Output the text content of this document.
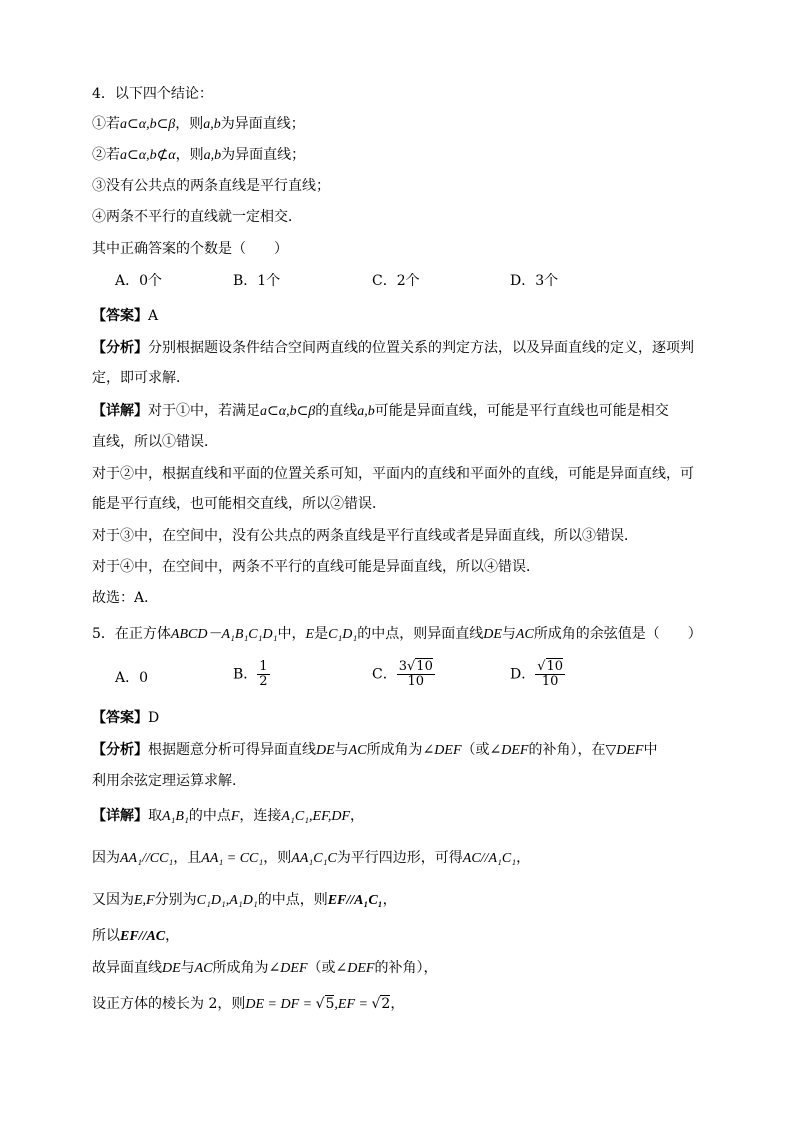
4．以下四个结论：
①若a⊂α,b⊂β，则a,b为异面直线；
②若a⊂α,b⊄α，则a,b为异面直线；
③没有公共点的两条直线是平行直线；
④两条不平行的直线就一定相交．
其中正确答案的个数是（　　）
A．0个	B．1个	C．2个	D．3个
【答案】A
【分析】分别根据题设条件结合空间两直线的位置关系的判定方法，以及异面直线的定义，逐项判
定，即可求解．
【详解】对于①中，若满足a⊂α,b⊂β的直线a,b可能是异面直线，可能是平行直线也可能是相交
直线，所以①错误．
对于②中，根据直线和平面的位置关系可知，平面内的直线和平面外的直线，可能是异面直线，可
能是平行直线，也可能相交直线，所以②错误．
对于③中，在空间中，没有公共点的两条直线是平行直线或者是异面直线，所以③错误．
对于④中，在空间中，两条不平行的直线可能是异面直线，所以④错误．
故选：A．
5．在正方体ABCD－A₁B₁C₁D₁中，E是C₁D₁的中点，则异面直线DE与AC所成角的余弦值是（　　）
A．0	B． $\frac{1}{2}$	C． $\frac{3√10}{10}$	D． $\frac{√10}{10}$
【答案】D
【分析】根据题意分析可得异面直线DE与AC所成角为∠DEF（或∠DEF的补角），在▽DEF中
利用余弦定理运算求解.
【详解】取A₁B₁的中点F，连接A₁C₁,EF,DF，
因为AA₁//CC₁，且AA₁ = CC₁，则AA₁C₁C为平行四边形，可得AC//A₁C₁，
又因为E,F分别为C₁D₁,A₁D₁的中点，则EF//A₁C₁，
所以EF//AC，
故异面直线DE与AC所成角为∠DEF（或∠DEF的补角），
设正方体的棱长为 2，则DE = DF = √5,EF = √2，
